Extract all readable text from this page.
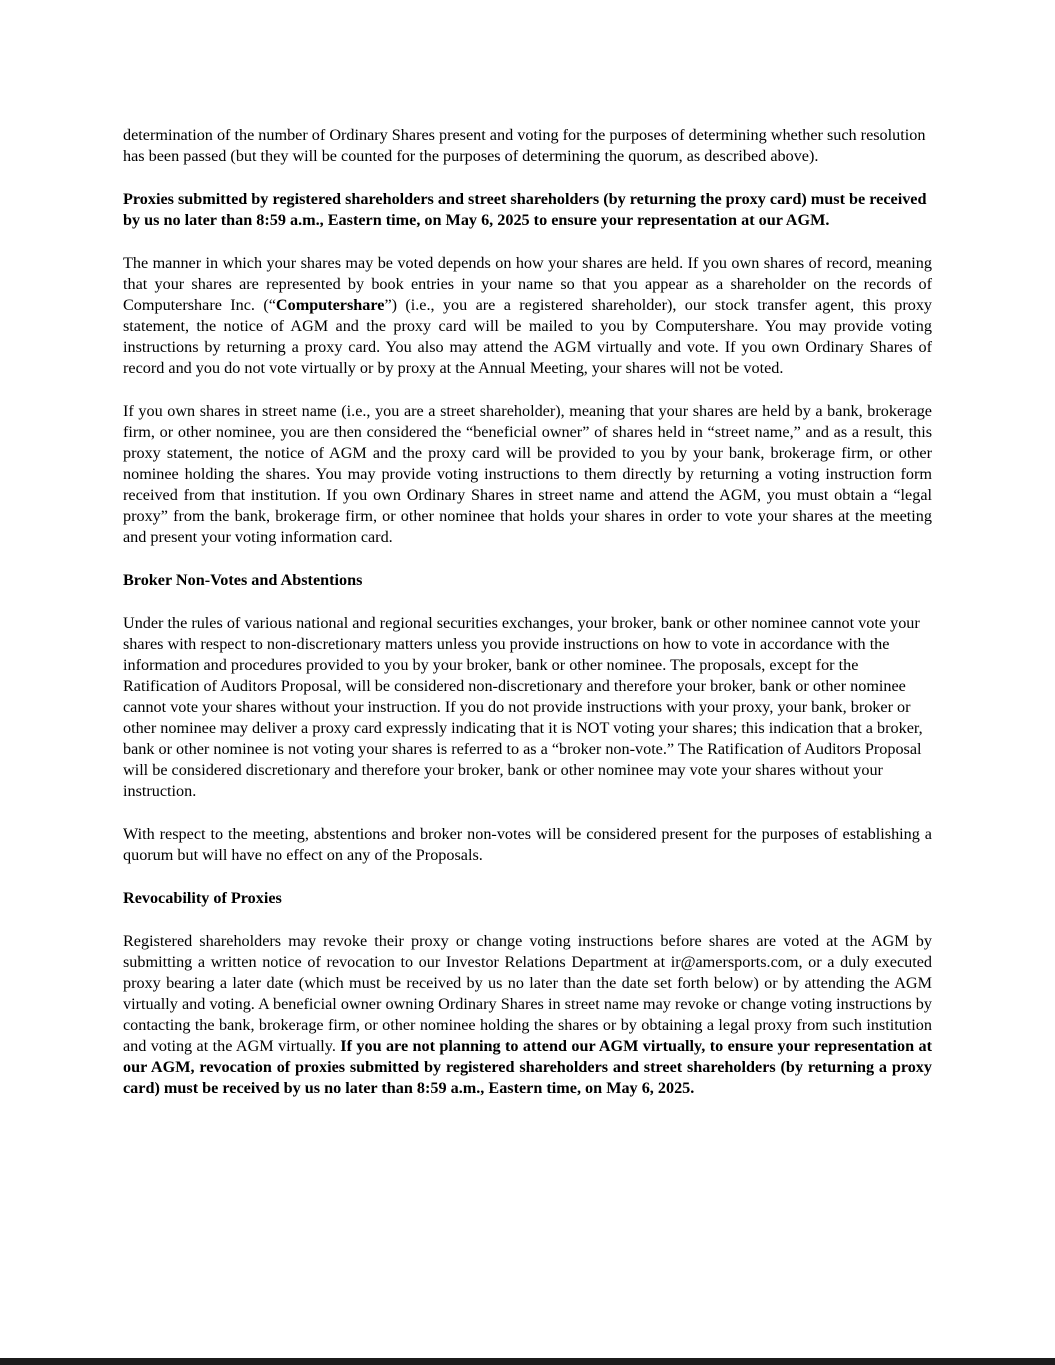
determination of the number of Ordinary Shares present and voting for the purposes of determining whether such resolution has been passed (but they will be counted for the purposes of determining the quorum, as described above).

Proxies submitted by registered shareholders and street shareholders (by returning the proxy card) must be received by us no later than 8:59 a.m., Eastern time, on May 6, 2025 to ensure your representation at our AGM.

The manner in which your shares may be voted depends on how your shares are held. If you own shares of record, meaning that your shares are represented by book entries in your name so that you appear as a shareholder on the records of Computershare Inc. (“Computershare”) (i.e., you are a registered shareholder), our stock transfer agent, this proxy statement, the notice of AGM and the proxy card will be mailed to you by Computershare. You may provide voting instructions by returning a proxy card. You also may attend the AGM virtually and vote. If you own Ordinary Shares of record and you do not vote virtually or by proxy at the Annual Meeting, your shares will not be voted.

If you own shares in street name (i.e., you are a street shareholder), meaning that your shares are held by a bank, brokerage firm, or other nominee, you are then considered the “beneficial owner” of shares held in “street name,” and as a result, this proxy statement, the notice of AGM and the proxy card will be provided to you by your bank, brokerage firm, or other nominee holding the shares. You may provide voting instructions to them directly by returning a voting instruction form received from that institution. If you own Ordinary Shares in street name and attend the AGM, you must obtain a “legal proxy” from the bank, brokerage firm, or other nominee that holds your shares in order to vote your shares at the meeting and present your voting information card.

Broker Non-Votes and Abstentions

Under the rules of various national and regional securities exchanges, your broker, bank or other nominee cannot vote your shares with respect to non-discretionary matters unless you provide instructions on how to vote in accordance with the information and procedures provided to you by your broker, bank or other nominee. The proposals, except for the Ratification of Auditors Proposal, will be considered non-discretionary and therefore your broker, bank or other nominee cannot vote your shares without your instruction. If you do not provide instructions with your proxy, your bank, broker or other nominee may deliver a proxy card expressly indicating that it is NOT voting your shares; this indication that a broker, bank or other nominee is not voting your shares is referred to as a “broker non-vote.” The Ratification of Auditors Proposal will be considered discretionary and therefore your broker, bank or other nominee may vote your shares without your instruction.

With respect to the meeting, abstentions and broker non-votes will be considered present for the purposes of establishing a quorum but will have no effect on any of the Proposals.

Revocability of Proxies

Registered shareholders may revoke their proxy or change voting instructions before shares are voted at the AGM by submitting a written notice of revocation to our Investor Relations Department at ir@amersports.com, or a duly executed proxy bearing a later date (which must be received by us no later than the date set forth below) or by attending the AGM virtually and voting. A beneficial owner owning Ordinary Shares in street name may revoke or change voting instructions by contacting the bank, brokerage firm, or other nominee holding the shares or by obtaining a legal proxy from such institution and voting at the AGM virtually. If you are not planning to attend our AGM virtually, to ensure your representation at our AGM, revocation of proxies submitted by registered shareholders and street shareholders (by returning a proxy card) must be received by us no later than 8:59 a.m., Eastern time, on May 6, 2025.
